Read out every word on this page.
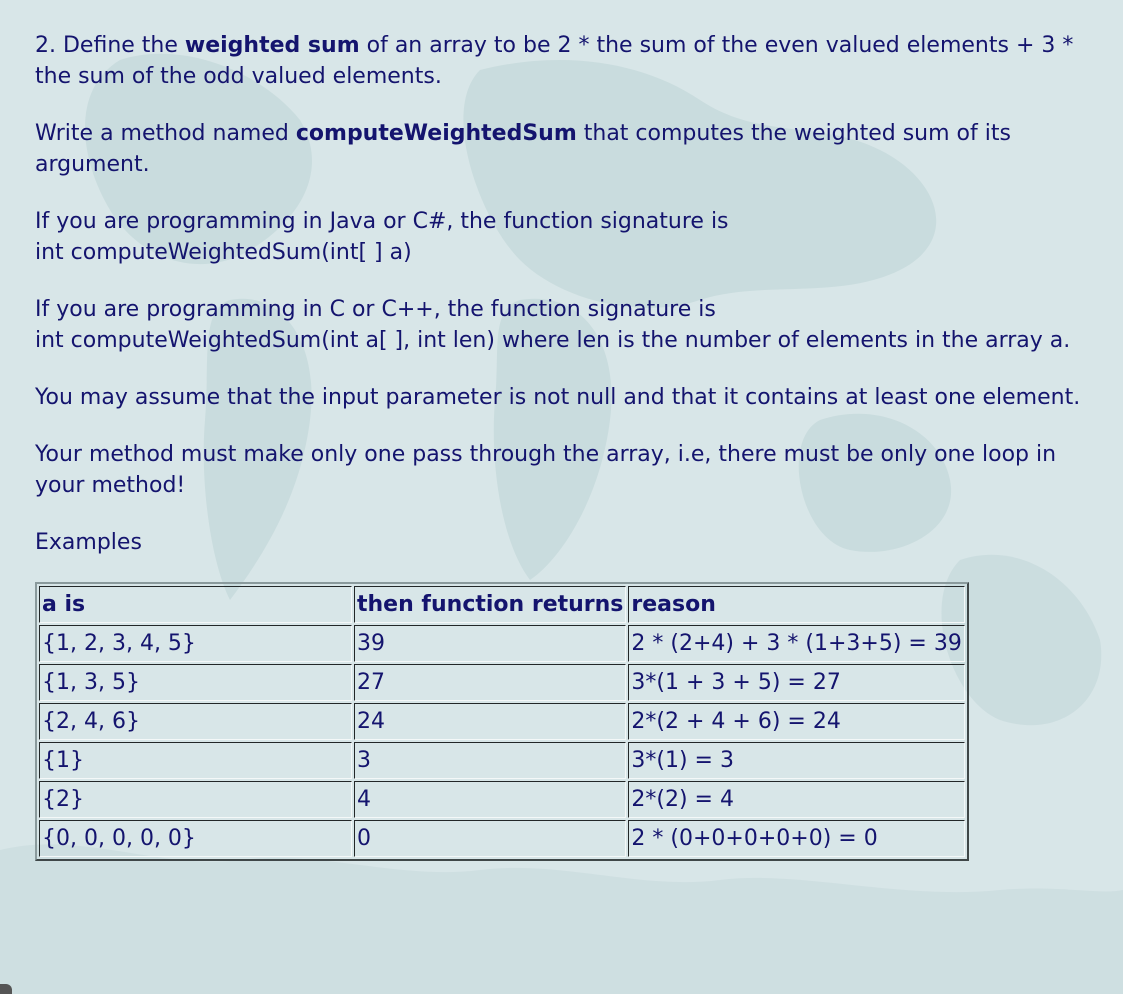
2. Define the weighted sum of an array to be 2 * the sum of the even valued elements + 3 * the sum of the odd valued elements.

Write a method named computeWeightedSum that computes the weighted sum of its argument.

If you are programming in Java or C#, the function signature is
int computeWeightedSum(int[ ] a)

If you are programming in C or C++, the function signature is
int computeWeightedSum(int a[ ], int len) where len is the number of elements in the array a.

You may assume that the input parameter is not null and that it contains at least one element.

Your method must make only one pass through the array, i.e, there must be only one loop in your method!

Examples

a is	then function returns	reason
{1, 2, 3, 4, 5}	39	2 * (2+4) + 3 * (1+3+5) = 39
{1, 3, 5}	27	3*(1 + 3 + 5) = 27
{2, 4, 6}	24	2*(2 + 4 + 6) = 24
{1}	3	3*(1) = 3
{2}	4	2*(2) = 4
{0, 0, 0, 0, 0}	0	2 * (0+0+0+0+0) = 0
